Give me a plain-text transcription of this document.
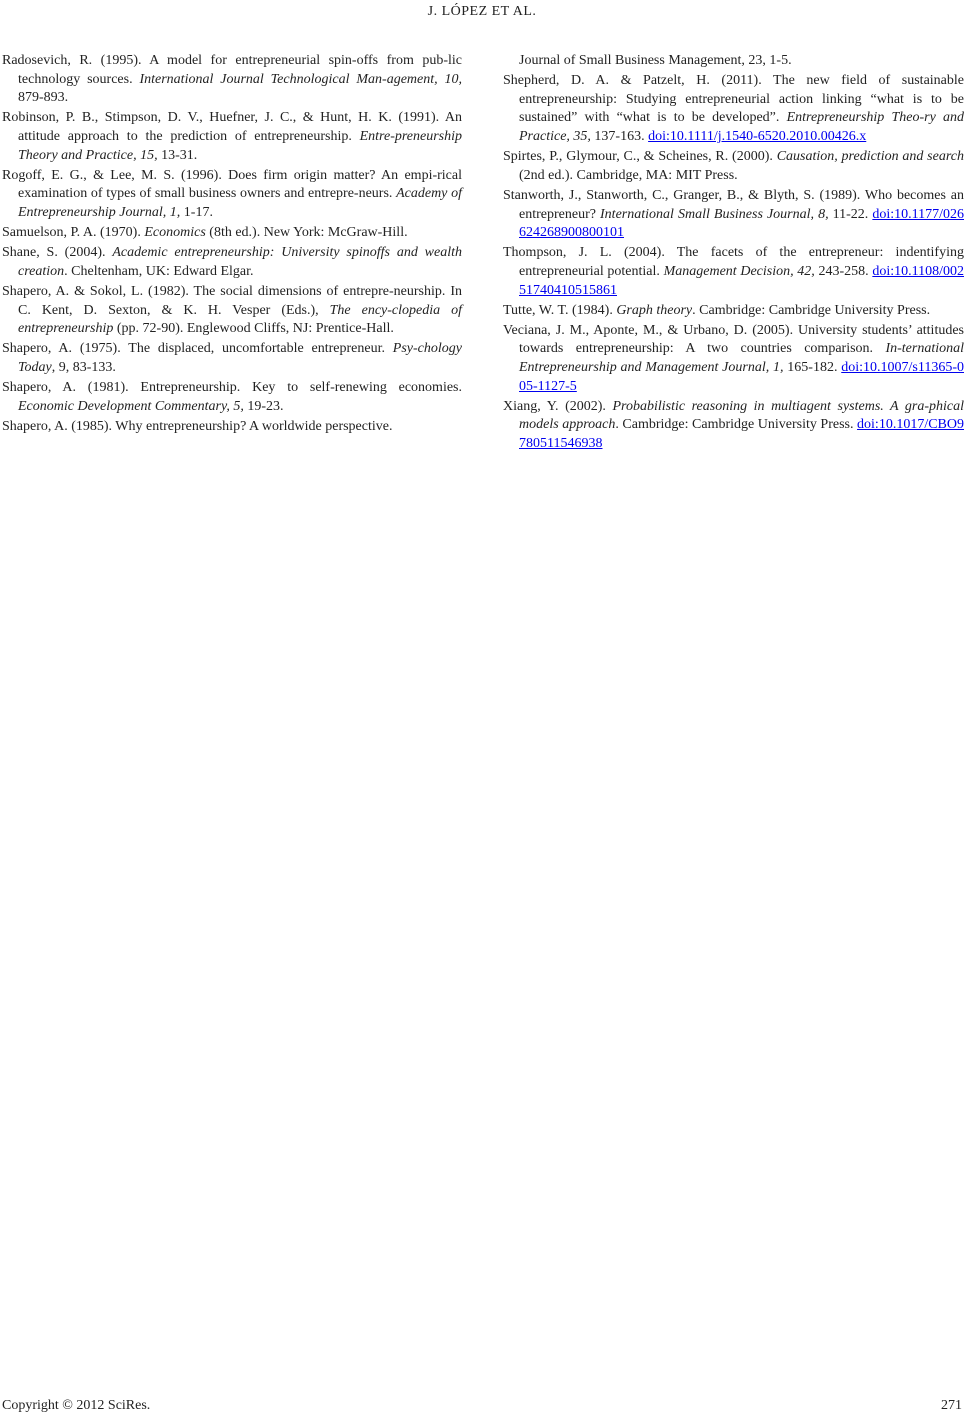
J. LÓPEZ ET AL.

Radosevich, R. (1995). A model for entrepreneurial spin-offs from pub-lic technology sources. International Journal Technological Man-agement, 10, 879-893.

Robinson, P. B., Stimpson, D. V., Huefner, J. C., & Hunt, H. K. (1991). An attitude approach to the prediction of entrepreneurship. Entre-preneurship Theory and Practice, 15, 13-31.

Rogoff, E. G., & Lee, M. S. (1996). Does firm origin matter? An empi-rical examination of types of small business owners and entrepre-neurs. Academy of Entrepreneurship Journal, 1, 1-17.

Samuelson, P. A. (1970). Economics (8th ed.). New York: McGraw-Hill.

Shane, S. (2004). Academic entrepreneurship: University spinoffs and wealth creation. Cheltenham, UK: Edward Elgar.

Shapero, A. & Sokol, L. (1982). The social dimensions of entrepre-neurship. In C. Kent, D. Sexton, & K. H. Vesper (Eds.), The ency-clopedia of entrepreneurship (pp. 72-90). Englewood Cliffs, NJ: Prentice-Hall.

Shapero, A. (1975). The displaced, uncomfortable entrepreneur. Psy-chology Today, 9, 83-133.

Shapero, A. (1981). Entrepreneurship. Key to self-renewing economies. Economic Development Commentary, 5, 19-23.

Shapero, A. (1985). Why entrepreneurship? A worldwide perspective.

Journal of Small Business Management, 23, 1-5.

Shepherd, D. A. & Patzelt, H. (2011). The new field of sustainable entrepreneurship: Studying entrepreneurial action linking “what is to be sustained” with “what is to be developed”. Entrepreneurship Theo-ry and Practice, 35, 137-163. doi:10.1111/j.1540-6520.2010.00426.x

Spirtes, P., Glymour, C., & Scheines, R. (2000). Causation, prediction and search (2nd ed.). Cambridge, MA: MIT Press.

Stanworth, J., Stanworth, C., Granger, B., & Blyth, S. (1989). Who becomes an entrepreneur? International Small Business Journal, 8, 11-22. doi:10.1177/026624268900800101

Thompson, J. L. (2004). The facets of the entrepreneur: indentifying entrepreneurial potential. Management Decision, 42, 243-258. doi:10.1108/00251740410515861

Tutte, W. T. (1984). Graph theory. Cambridge: Cambridge University Press.

Veciana, J. M., Aponte, M., & Urbano, D. (2005). University students’ attitudes towards entrepreneurship: A two countries comparison. In-ternational Entrepreneurship and Management Journal, 1, 165-182. doi:10.1007/s11365-005-1127-5

Xiang, Y. (2002). Probabilistic reasoning in multiagent systems. A gra-phical models approach. Cambridge: Cambridge University Press. doi:10.1017/CBO9780511546938

Copyright © 2012 SciRes.	271
